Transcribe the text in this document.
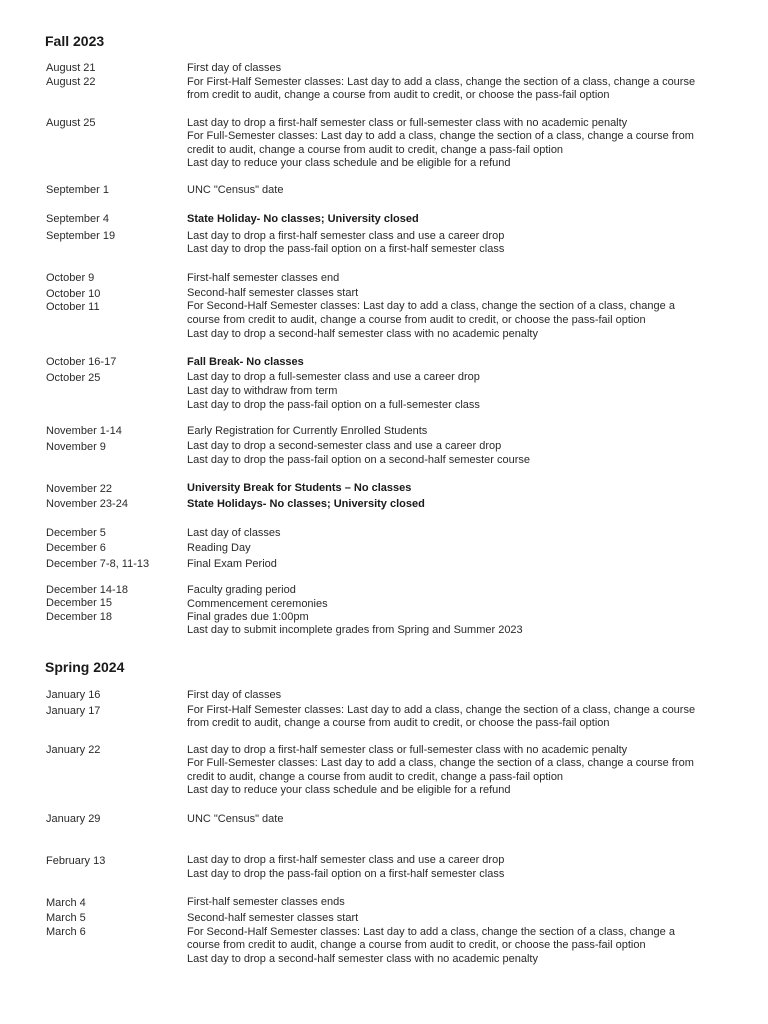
Fall 2023
August 21
August 22
August 25
September 1
September 4
September 19
October 9
October 10
October 11
October 16-17
October 25
November 1-14
November 9
November 22
November 23-24
December 5
December 6
December 7-8, 11-13
December 14-18
December 15
December 18
First day of classes
For First-Half Semester classes: Last day to add a class, change the section of a class, change a course
from credit to audit, change a course from audit to credit, or choose the pass-fail option
Last day to drop a first-half semester class or full-semester class with no academic penalty
For Full-Semester classes: Last day to add a class, change the section of a class, change a course from
credit to audit, change a course from audit to credit, change a pass-fail option
Last day to reduce your class schedule and be eligible for a refund
UNC "Census" date
State Holiday- No classes; University closed
Last day to drop a first-half semester class and use a career drop
Last day to drop the pass-fail option on a first-half semester class
First-half semester classes end
Second-half semester classes start
For Second-Half Semester classes: Last day to add a class, change the section of a class, change a
course from credit to audit, change a course from audit to credit, or choose the pass-fail option
Last day to drop a second-half semester class with no academic penalty
Fall Break- No classes
Last day to drop a full-semester class and use a career drop
Last day to withdraw from term
Last day to drop the pass-fail option on a full-semester class
Early Registration for Currently Enrolled Students
Last day to drop a second-semester class and use a career drop
Last day to drop the pass-fail option on a second-half semester course
University Break for Students – No classes
State Holidays- No classes; University closed
Last day of classes
Reading Day
Final Exam Period
Faculty grading period
Commencement ceremonies
Final grades due 1:00pm
Last day to submit incomplete grades from Spring and Summer 2023
Spring 2024
January 16
January 17
January 22
January 29
February 13
March 4
March 5
March 6
First day of classes
For First-Half Semester classes: Last day to add a class, change the section of a class, change a course
from credit to audit, change a course from audit to credit, or choose the pass-fail option
Last day to drop a first-half semester class or full-semester class with no academic penalty
For Full-Semester classes: Last day to add a class, change the section of a class, change a course from
credit to audit, change a course from audit to credit, change a pass-fail option
Last day to reduce your class schedule and be eligible for a refund
UNC "Census" date
Last day to drop a first-half semester class and use a career drop
Last day to drop the pass-fail option on a first-half semester class
First-half semester classes ends
Second-half semester classes start
For Second-Half Semester classes: Last day to add a class, change the section of a class, change a
course from credit to audit, change a course from audit to credit, or choose the pass-fail option
Last day to drop a second-half semester class with no academic penalty
